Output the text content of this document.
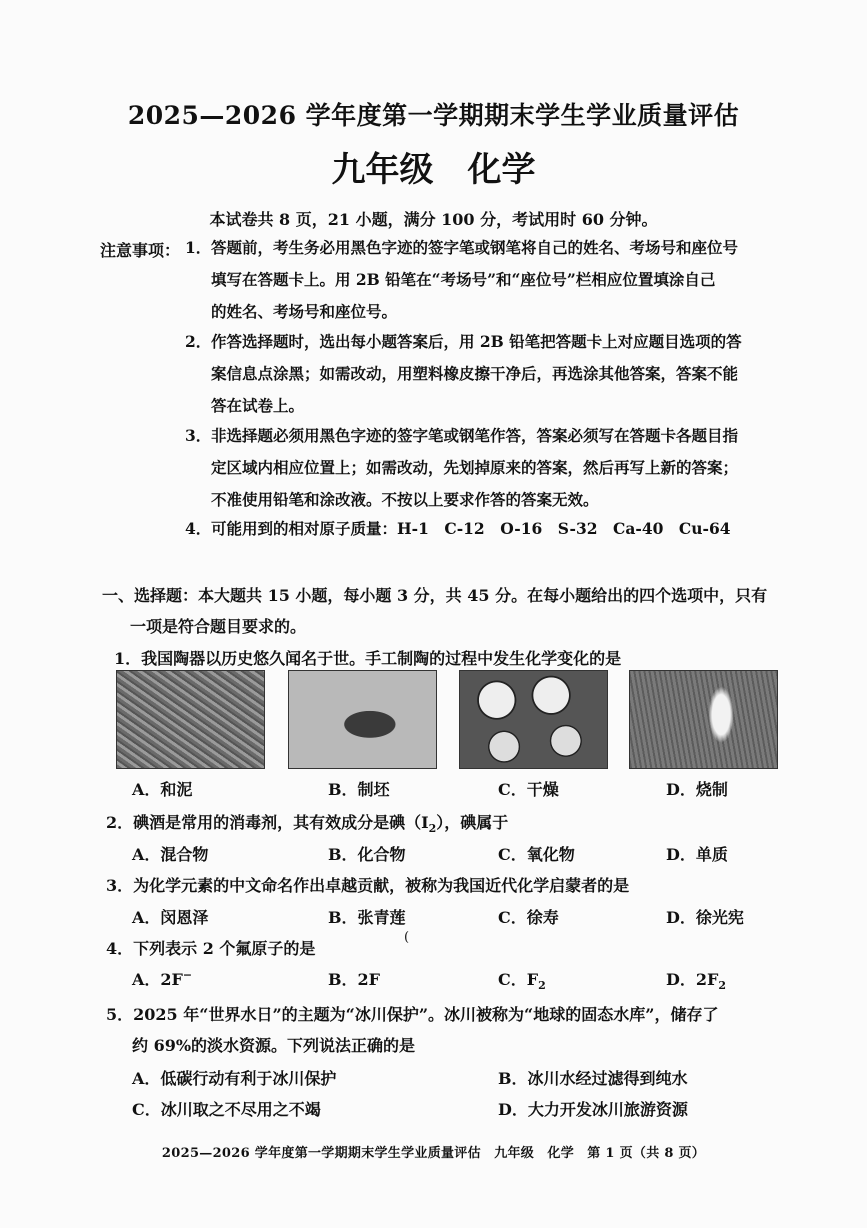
2025—2026 学年度第一学期期末学生学业质量评估
九年级　化学
本试卷共 8 页，21 小题，满分 100 分，考试用时 60 分钟。
注意事项： 1． 答题前，考生务必用黑色字迹的签字笔或钢笔将自己的姓名、考场号和座位号
填写在答题卡上。用 2B 铅笔在“考场号”和“座位号”栏相应位置填涂自己
的姓名、考场号和座位号。
2． 作答选择题时，选出每小题答案后，用 2B 铅笔把答题卡上对应题目选项的答
案信息点涂黑；如需改动，用塑料橡皮擦干净后，再选涂其他答案，答案不能
答在试卷上。
3． 非选择题必须用黑色字迹的签字笔或钢笔作答，答案必须写在答题卡各题目指
定区域内相应位置上；如需改动，先划掉原来的答案，然后再写上新的答案；
不准使用铅笔和涂改液。不按以上要求作答的答案无效。
4． 可能用到的相对原子质量：H-1　C-12　O-16　S-32　Ca-40　Cu-64
一、选择题：本大题共 15 小题，每小题 3 分，共 45 分。在每小题给出的四个选项中，只有
一项是符合题目要求的。
1．我国陶器以历史悠久闻名于世。手工制陶的过程中发生化学变化的是
A．和泥	B．制坯	C．干燥	D．烧制
2．碘酒是常用的消毒剂，其有效成分是碘$(I_2)$，碘属于
A．混合物	B．化合物	C．氧化物	D．单质
3．为化学元素的中文命名作出卓越贡献，被称为我国近代化学启蒙者的是
A．闵恩泽	B．张青莲	C．徐寿	D．徐光宪
4．下列表示 2 个氟原子的是
(
A．2F−	B．2F	C．$F_2$	D．$2F_2$
5．2025 年“世界水日”的主题为“冰川保护”。冰川被称为“地球的固态水库”，储存了
约 69%的淡水资源。下列说法正确的是
A．低碳行动有利于冰川保护	B．冰川水经过滤得到纯水
C．冰川取之不尽用之不竭	D．大力开发冰川旅游资源
2025—2026 学年度第一学期期末学生学业质量评估　九年级　化学　第 1 页（共 8 页）
